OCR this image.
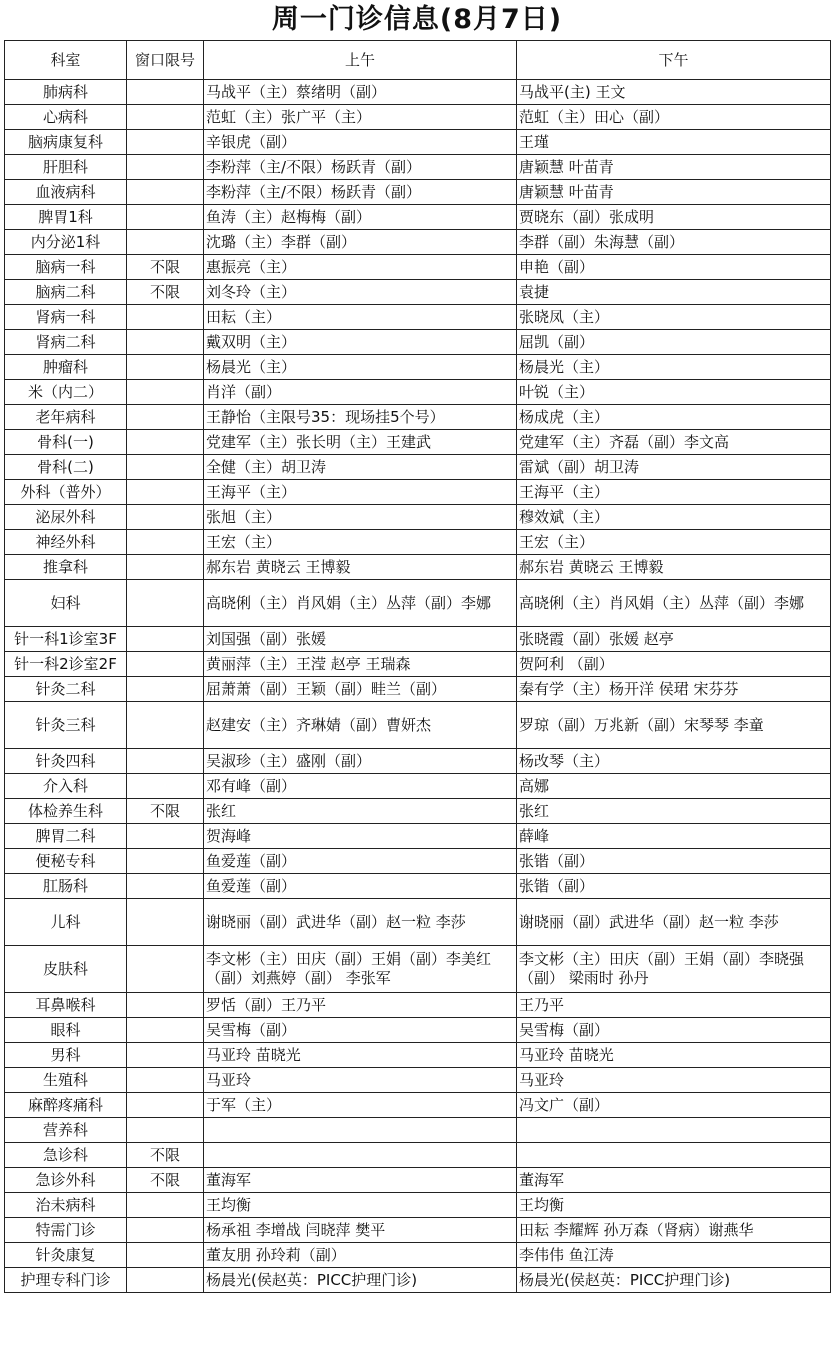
周一门诊信息(8月7日)
科室	窗口限号	上午	下午
肺病科		马战平（主）蔡绪明（副）	马战平(主) 王文
心病科		范虹（主）张广平（主）	范虹（主）田心（副）
脑病康复科		辛银虎（副）	王瑾
肝胆科		李粉萍（主/不限）杨跃青（副）	唐颖慧 叶苗青
血液病科		李粉萍（主/不限）杨跃青（副）	唐颖慧 叶苗青
脾胃1科		鱼涛（主）赵梅梅（副）	贾晓东（副）张成明
内分泌1科		沈璐（主）李群（副）	李群（副）朱海慧（副）
脑病一科	不限	惠振亮（主）	申艳（副）
脑病二科	不限	刘冬玲（主）	袁捷
肾病一科		田耘（主）	张晓凤（主）
肾病二科		戴双明（主）	屈凯（副）
肿瘤科		杨晨光（主）	杨晨光（主）
米（内二）		肖洋（副）	叶锐（主）
老年病科		王静怡（主限号35：现场挂5个号）	杨成虎（主）
骨科(一)		党建军（主）张长明（主）王建武	党建军（主）齐磊（副）李文高
骨科(二)		全健（主）胡卫涛	雷斌（副）胡卫涛
外科（普外）		王海平（主）	王海平（主）
泌尿外科		张旭（主）	穆效斌（主）
神经外科		王宏（主）	王宏（主）
推拿科		郝东岩 黄晓云 王博毅	郝东岩 黄晓云 王博毅
妇科		高晓俐（主）肖风娟（主）丛萍（副）李娜	高晓俐（主）肖风娟（主）丛萍（副）李娜
针一科1诊室3F		刘国强（副）张媛	张晓霞（副）张媛 赵亭
针一科2诊室2F		黄丽萍（主）王滢 赵亭 王瑞森	贺阿利 （副）
针灸二科		屈萧萧（副）王颖（副）畦兰（副）	秦有学（主）杨开洋 侯珺 宋芬芬
针灸三科		赵建安（主）齐琳婧（副）曹妍杰	罗琼（副）万兆新（副）宋琴琴 李童
针灸四科		吴淑珍（主）盛刚（副）	杨改琴（主）
介入科		邓有峰（副）	高娜
体检养生科	不限	张红	张红
脾胃二科		贺海峰	薛峰
便秘专科		鱼爱莲（副）	张锴（副）
肛肠科		鱼爱莲（副）	张锴（副）
儿科		谢晓丽（副）武进华（副）赵一粒 李莎	谢晓丽（副）武进华（副）赵一粒 李莎
皮肤科		李文彬（主）田庆（副）王娟（副）李美红（副）刘燕婷（副） 李张军	李文彬（主）田庆（副）王娟（副）李晓强（副） 梁雨时 孙丹
耳鼻喉科		罗恬（副）王乃平	王乃平
眼科		吴雪梅（副）	吴雪梅（副）
男科		马亚玲 苗晓光	马亚玲 苗晓光
生殖科		马亚玲	马亚玲
麻醉疼痛科		于军（主）	冯文广（副）
营养科			
急诊科	不限		
急诊外科	不限	董海军	董海军
治未病科		王均衡	王均衡
特需门诊		杨承祖 李增战 闫晓萍 樊平	田耘 李耀辉 孙万森（肾病）谢燕华
针灸康复		董友朋 孙玲莉（副）	李伟伟 鱼江涛
护理专科门诊		杨晨光(侯赵英：PICC护理门诊)	杨晨光(侯赵英：PICC护理门诊)
